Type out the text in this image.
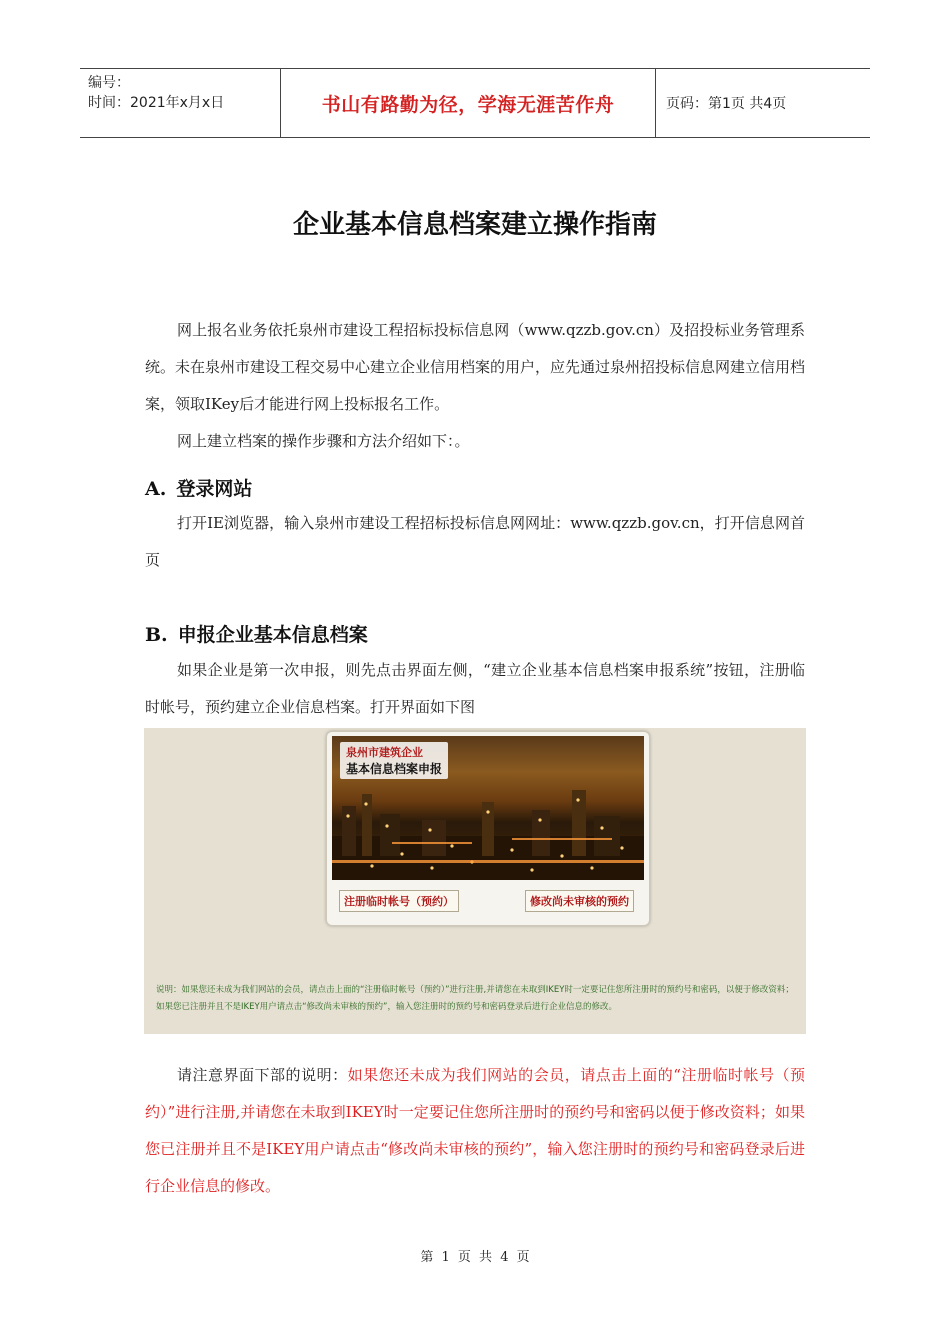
编号：
时间：2021年x月x日	书山有路勤为径，学海无涯苦作舟	页码：第1页 共4页
企业基本信息档案建立操作指南

网上报名业务依托泉州市建设工程招标投标信息网（www.qzzb.gov.cn）及招投标业务管理系统。未在泉州市建设工程交易中心建立企业信用档案的用户，应先通过泉州招投标信息网建立信用档案，领取IKey后才能进行网上投标报名工作。

网上建立档案的操作步骤和方法介绍如下：。

A. 登录网站

打开IE浏览器，输入泉州市建设工程招标投标信息网网址：www.qzzb.gov.cn，打开信息网首页

B. 申报企业基本信息档案

如果企业是第一次申报，则先点击界面左侧，“建立企业基本信息档案申报系统”按钮，注册临时帐号，预约建立企业信息档案。打开界面如下图

泉州市建筑企业
基本信息档案申报
注册临时帐号（预约）	修改尚未审核的预约
说明：如果您还未成为我们网站的会员，请点击上面的“注册临时帐号（预约）”进行注册,并请您在未取到IKEY时一定要记住您所注册时的预约号和密码，以便于修改资料；如果您已注册并且不是IKEY用户请点击“修改尚未审核的预约”，输入您注册时的预约号和密码登录后进行企业信息的修改。

请注意界面下部的说明：如果您还未成为我们网站的会员，请点击上面的“注册临时帐号（预约）”进行注册,并请您在未取到IKEY时一定要记住您所注册时的预约号和密码以便于修改资料；如果您已注册并且不是IKEY用户请点击“修改尚未审核的预约”，输入您注册时的预约号和密码登录后进行企业信息的修改。

第 1 页 共 4 页
